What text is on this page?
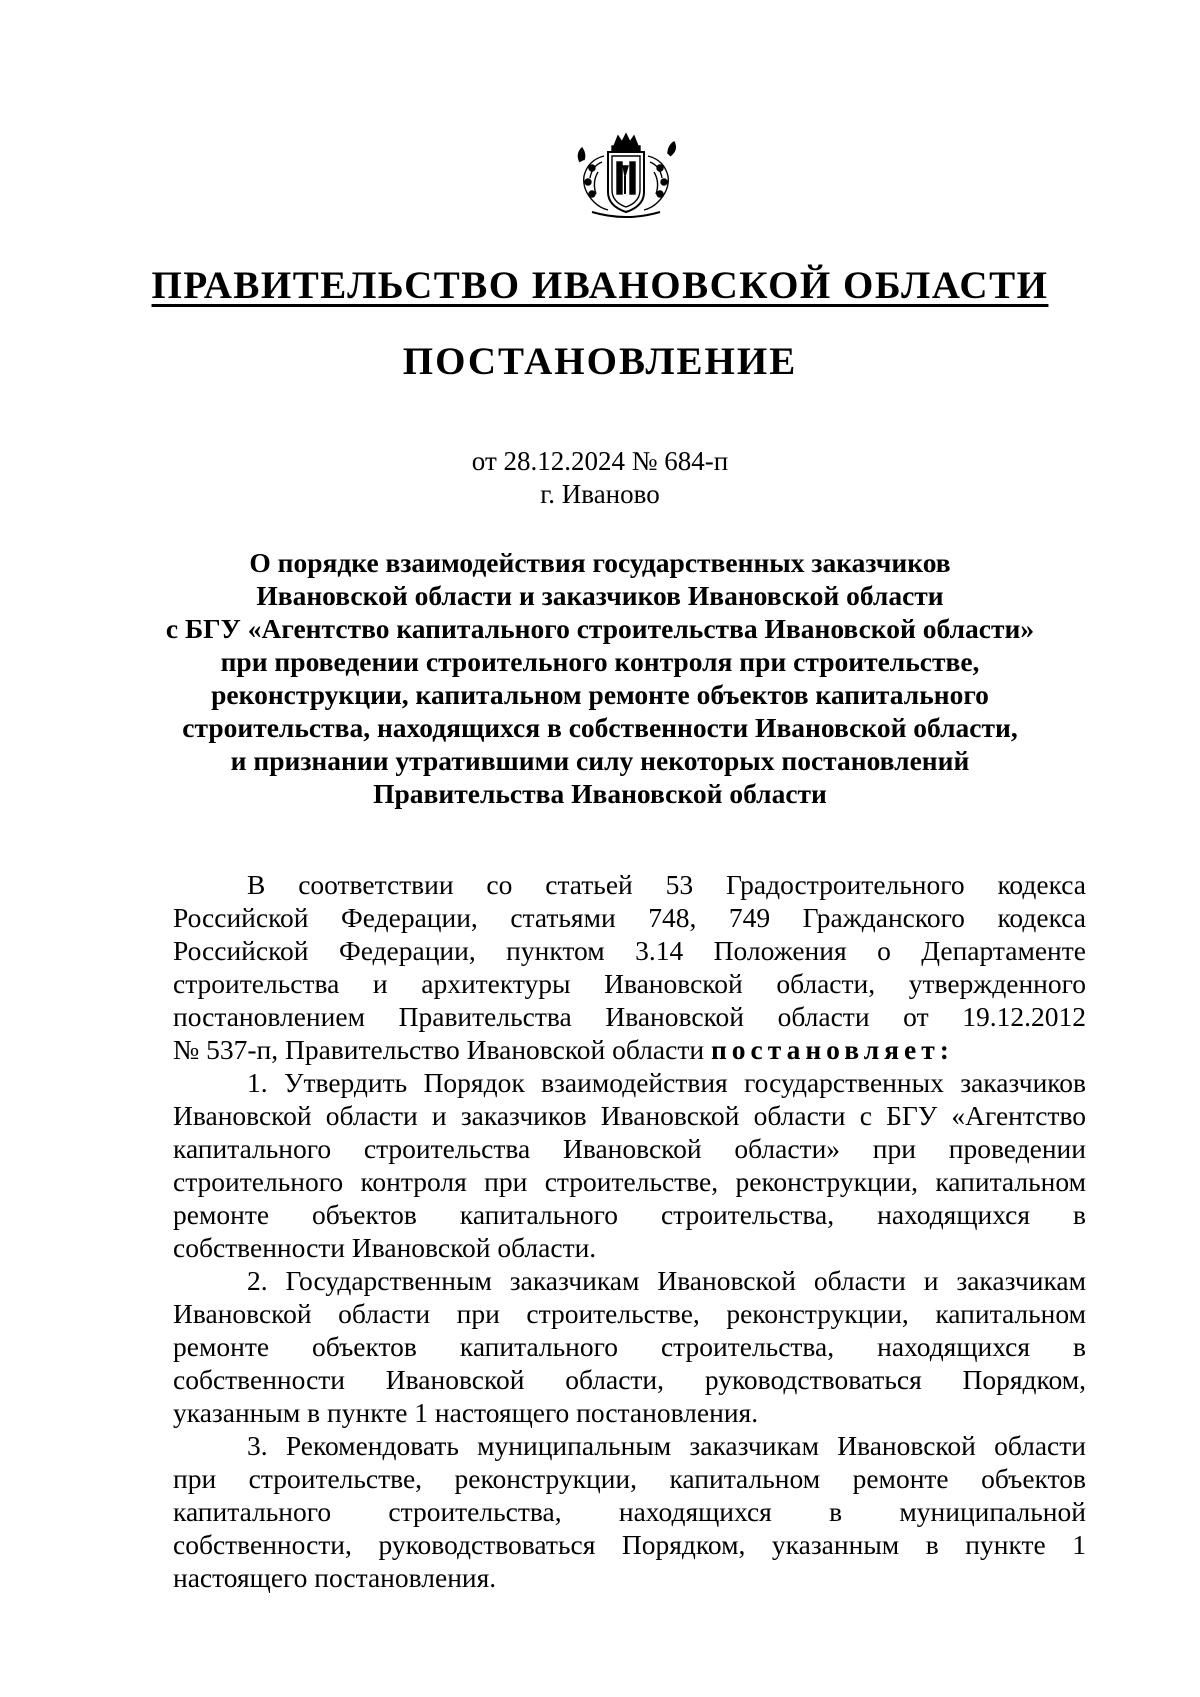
ПРАВИТЕЛЬСТВО ИВАНОВСКОЙ ОБЛАСТИ
ПОСТАНОВЛЕНИЕ
от 28.12.2024 № 684-п
г. Иваново
О порядке взаимодействия государственных заказчиков
Ивановской области и заказчиков Ивановской области
с БГУ «Агентство капитального строительства Ивановской области»
при проведении строительного контроля при строительстве,
реконструкции, капитальном ремонте объектов капитального
строительства, находящихся в собственности Ивановской области,
и признании утратившими силу некоторых постановлений
Правительства Ивановской области
В соответствии со статьей 53 Градостроительного кодекса
Российской Федерации, статьями 748, 749 Гражданского кодекса
Российской Федерации, пунктом 3.14 Положения о Департаменте
строительства и архитектуры Ивановской области, утвержденного
постановлением Правительства Ивановской области от 19.12.2012
№ 537-п, Правительство Ивановской области постановляет:
1. Утвердить Порядок взаимодействия государственных заказчиков
Ивановской области и заказчиков Ивановской области с БГУ «Агентство
капитального строительства Ивановской области» при проведении
строительного контроля при строительстве, реконструкции, капитальном
ремонте объектов капитального строительства, находящихся в
собственности Ивановской области.
2. Государственным заказчикам Ивановской области и заказчикам
Ивановской области при строительстве, реконструкции, капитальном
ремонте объектов капитального строительства, находящихся в
собственности Ивановской области, руководствоваться Порядком,
указанным в пункте 1 настоящего постановления.
3. Рекомендовать муниципальным заказчикам Ивановской области
при строительстве, реконструкции, капитальном ремонте объектов
капитального строительства, находящихся в муниципальной
собственности, руководствоваться Порядком, указанным в пункте 1
настоящего постановления.
